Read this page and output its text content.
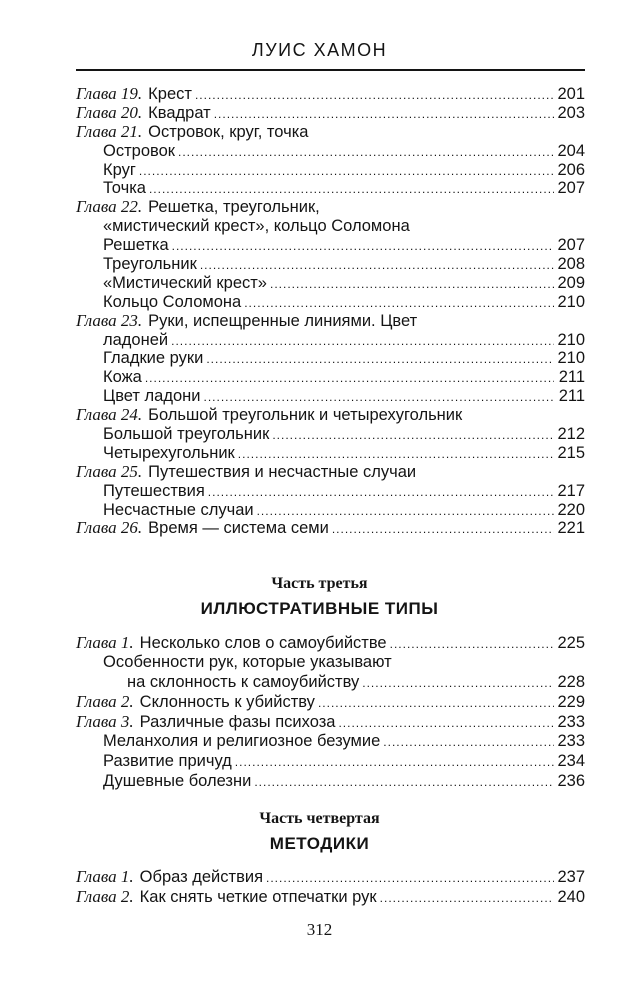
ЛУИС ХАМОН
Глава 19. Крест .....	201
Глава 20. Квадрат .....	203
Глава 21. Островок, круг, точка
Островок .....	204
Круг .....	206
Точка .....	207
Глава 22. Решетка, треугольник,
«мистический крест», кольцо Соломона
Решетка .....	207
Треугольник .....	208
«Мистический крест» .....	209
Кольцо Соломона .....	210
Глава 23. Руки, испещренные линиями. Цвет
ладоней .....	210
Гладкие руки .....	210
Кожа .....	211
Цвет ладони .....	211
Глава 24. Большой треугольник и четырехугольник
Большой треугольник .....	212
Четырехугольник .....	215
Глава 25. Путешествия и несчастные случаи
Путешествия .....	217
Несчастные случаи .....	220
Глава 26. Время — система семи .....	221
Часть третья
ИЛЛЮСТРАТИВНЫЕ ТИПЫ
Глава 1. Несколько слов о самоубийстве .....	225
Особенности рук, которые указывают
на склонность к самоубийству .....	228
Глава 2. Склонность к убийству .....	229
Глава 3. Различные фазы психоза .....	233
Меланхолия и религиозное безумие .....	233
Развитие причуд .....	234
Душевные болезни .....	236
Часть четвертая
МЕТОДИКИ
Глава 1. Образ действия .....	237
Глава 2. Как снять четкие отпечатки рук .....	240
312
